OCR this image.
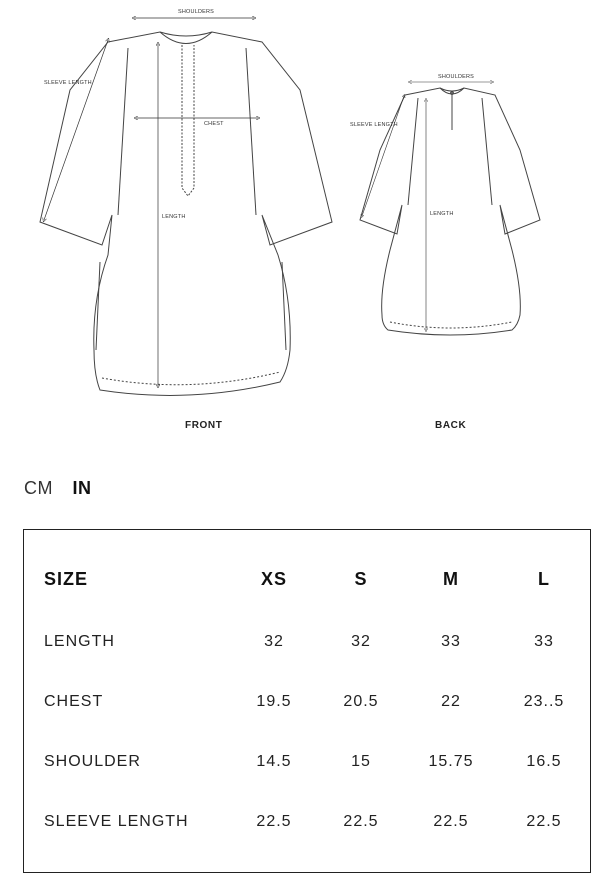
SHOULDERS
SLEEVE LENGTH
CHEST
LENGTH
SHOULDERS
SLEEVE LENGTH
LENGTH
FRONT	BACK
CM IN
SIZE	XS	S	M	L
LENGTH	32	32	33	33
CHEST	19.5	20.5	22	23..5
SHOULDER	14.5	15	15.75	16.5
SLEEVE LENGTH	22.5	22.5	22.5	22.5
